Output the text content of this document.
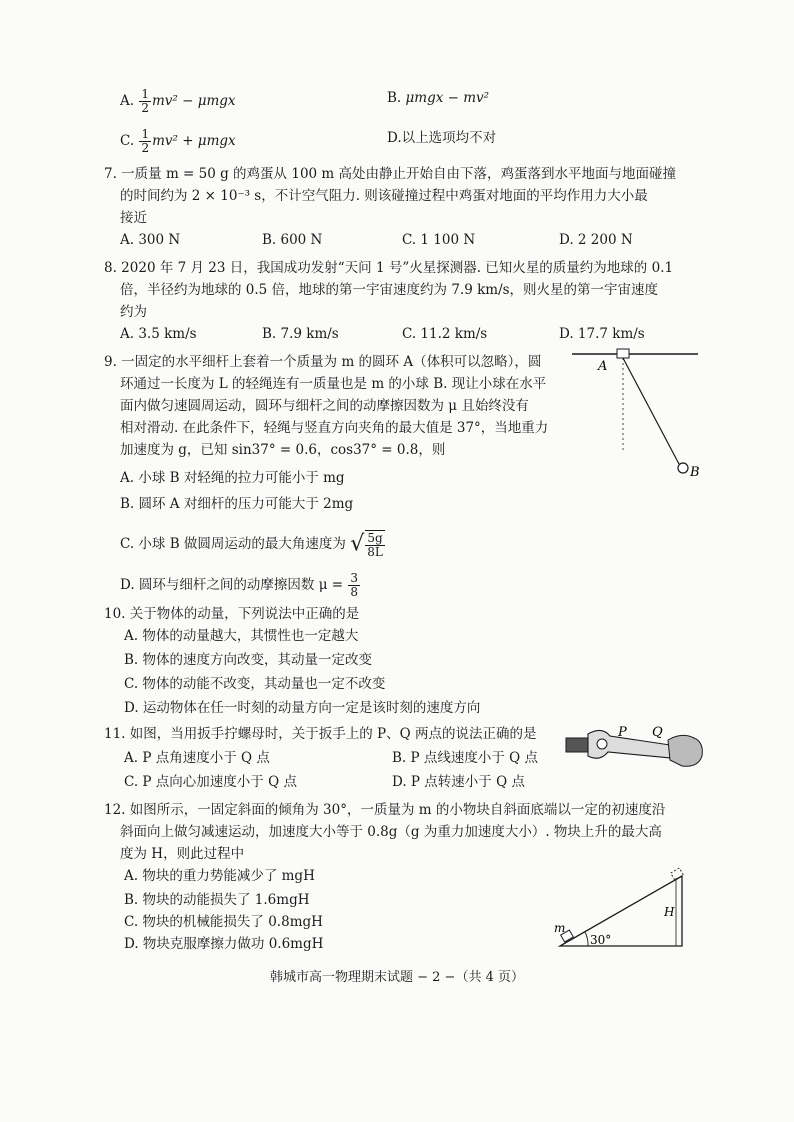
A. $\frac{1}{2} mv^2 - \mu mgx$	B. μmgx − mv²
C. $\frac{1}{2} mv^2 + \mu mgx$	D.以上选项均不对
7. 一质量 m = 50 g 的鸡蛋从 100 m 高处由静止开始自由下落，鸡蛋落到水平地面与地面碰撞
的时间约为 2 × 10⁻³ s，不计空气阻力. 则该碰撞过程中鸡蛋对地面的平均作用力大小最
接近
A. 300 N	B. 600 N	C. 1 100 N	D. 2 200 N
8. 2020 年 7 月 23 日，我国成功发射“天问 1 号”火星探测器. 已知火星的质量约为地球的 0.1
倍，半径约为地球的 0.5 倍，地球的第一宇宙速度约为 7.9 km/s，则火星的第一宇宙速度
约为
A. 3.5 km/s	B. 7.9 km/s	C. 11.2 km/s	D. 17.7 km/s
9. 一固定的水平细杆上套着一个质量为 m 的圆环 A（体积可以忽略），圆
环通过一长度为 L 的轻绳连有一质量也是 m 的小球 B. 现让小球在水平
面内做匀速圆周运动，圆环与细杆之间的动摩擦因数为 μ 且始终没有
相对滑动. 在此条件下，轻绳与竖直方向夹角的最大值是 37°，当地重力
加速度为 g，已知 sin37° = 0.6，cos37° = 0.8，则
A. 小球 B 对轻绳的拉力可能小于 mg
B. 圆环 A 对细杆的压力可能大于 2mg
C. 小球 B 做圆周运动的最大角速度为 √ $\frac{5g}{8L}$
D. 圆环与细杆之间的动摩擦因数 $\mu = \frac{3}{8}$
A
B
10. 关于物体的动量，下列说法中正确的是
A. 物体的动量越大，其惯性也一定越大
B. 物体的速度方向改变，其动量一定改变
C. 物体的动能不改变，其动量也一定不改变
D. 运动物体在任一时刻的动量方向一定是该时刻的速度方向
11. 如图，当用扳手拧螺母时，关于扳手上的 P、Q 两点的说法正确的是
A. P 点角速度小于 Q 点	B. P 点线速度小于 Q 点
C. P 点向心加速度小于 Q 点	D. P 点转速小于 Q 点
P Q
12. 如图所示，一固定斜面的倾角为 30°，一质量为 m 的小物块自斜面底端以一定的初速度沿
斜面向上做匀减速运动，加速度大小等于 0.8g（g 为重力加速度大小）. 物块上升的最大高
度为 H，则此过程中
A. 物块的重力势能减少了 mgH
B. 物块的动能损失了 1.6mgH
C. 物块的机械能损失了 0.8mgH
D. 物块克服摩擦力做功 0.6mgH
m
H
30°
韩城市高一物理期末试题 − 2 −（共 4 页）
